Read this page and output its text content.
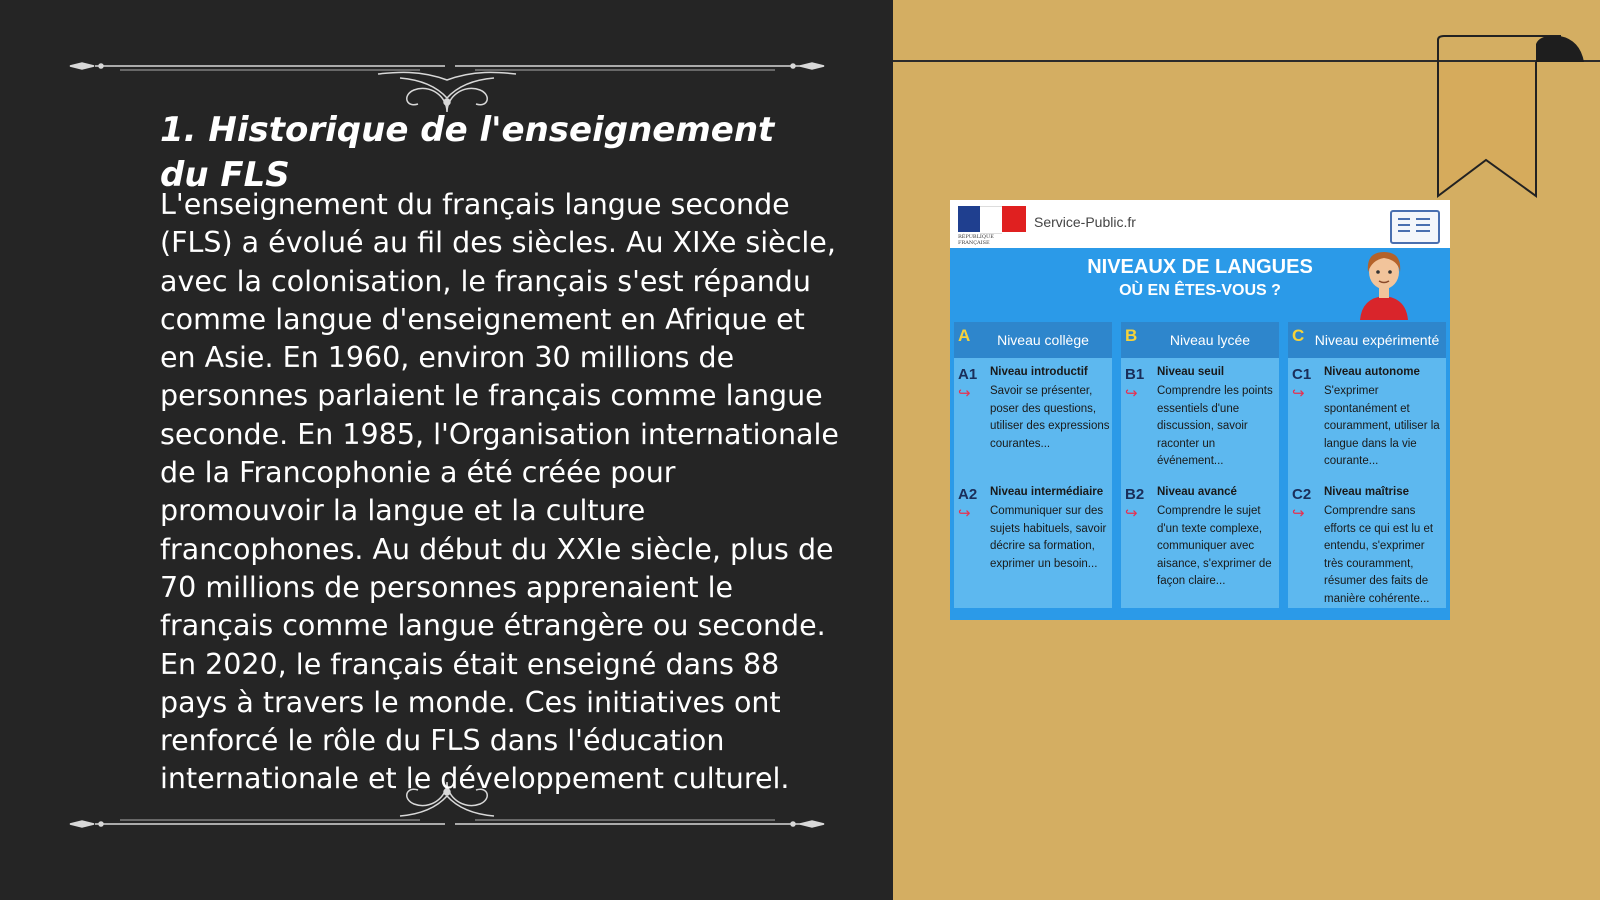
1. Historique de l'enseignement du FLS

L'enseignement du français langue seconde (FLS) a évolué au fil des siècles. Au XIXe siècle, avec la colonisation, le français s'est répandu comme langue d'enseignement en Afrique et en Asie. En 1960, environ 30 millions de personnes parlaient le français comme langue seconde. En 1985, l'Organisation internationale de la Francophonie a été créée pour promouvoir la langue et la culture francophones. Au début du XXIe siècle, plus de 70 millions de personnes apprenaient le français comme langue étrangère ou seconde. En 2020, le français était enseigné dans 88 pays à travers le monde. Ces initiatives ont renforcé le rôle du FLS dans l'éducation internationale et le développement culturel.

RÉPUBLIQUE FRANÇAISE
Service-Public.fr
NIVEAUX DE LANGUES
OÙ EN ÊTES-VOUS ?
A	Niveau collège
A1
↪
Niveau introductif
Savoir se présenter, poser des questions, utiliser des expressions courantes...
A2
↪
Niveau intermédiaire
Communiquer sur des sujets habituels, savoir décrire sa formation, exprimer un besoin...
B	Niveau lycée
B1
↪
Niveau seuil
Comprendre les points essentiels d'une discussion, savoir raconter un événement...
B2
↪
Niveau avancé
Comprendre le sujet d'un texte complexe, communiquer avec aisance, s'exprimer de façon claire...
C Niveau expérimenté
C1
↪
Niveau autonome
S'exprimer spontanément et couramment, utiliser la langue dans la vie courante...
C2
↪
Niveau maîtrise
Comprendre sans efforts ce qui est lu et entendu, s'exprimer très couramment, résumer des faits de manière cohérente...
